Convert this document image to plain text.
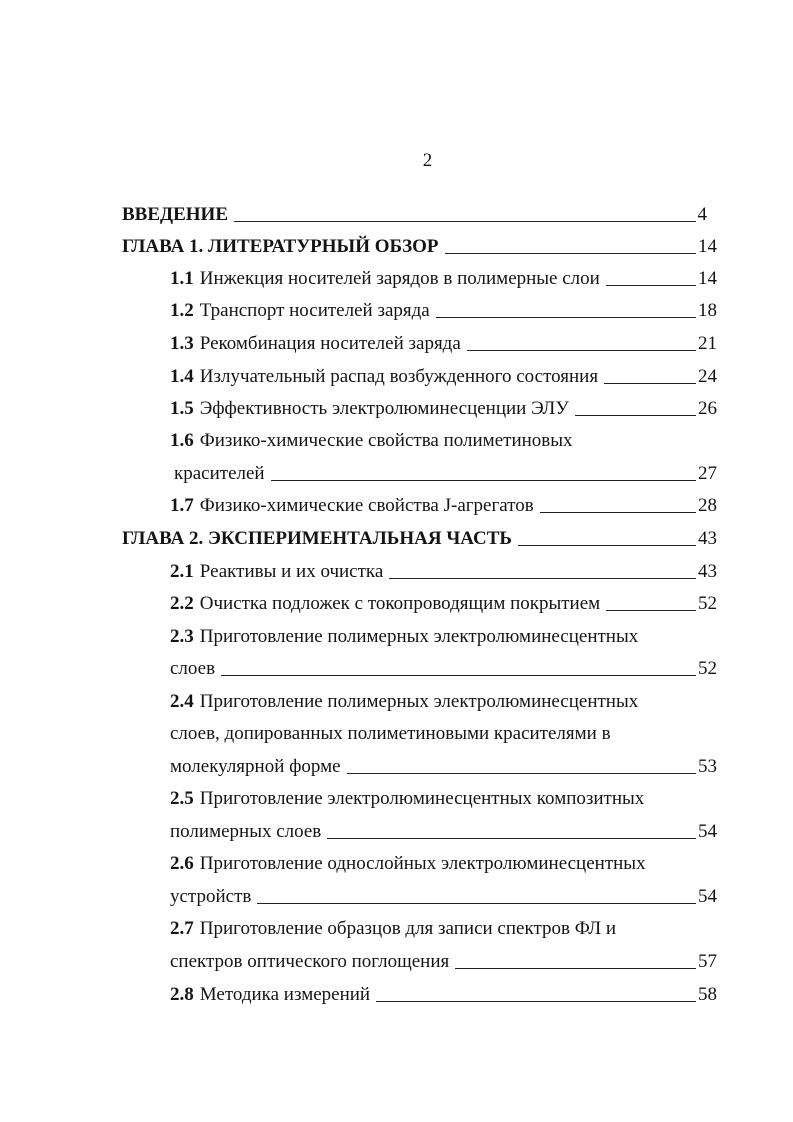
2
ВВЕДЕНИЕ	4
ГЛАВА 1. ЛИТЕРАТУРНЫЙ ОБЗОР	14
1.1 Инжекция носителей зарядов в полимерные слои	14
1.2 Транспорт носителей заряда	18
1.3 Рекомбинация носителей заряда	21
1.4 Излучательный распад возбужденного состояния	24
1.5 Эффективность электролюминесценции ЭЛУ	26
1.6 Физико-химические свойства полиметиновых
красителей	27
1.7 Физико-химические свойства J-агрегатов	28
ГЛАВА 2. ЭКСПЕРИМЕНТАЛЬНАЯ ЧАСТЬ	43
2.1 Реактивы и их очистка	43
2.2 Очистка подложек с токопроводящим покрытием	52
2.3 Приготовление полимерных электролюминесцентных
слоев	52
2.4 Приготовление полимерных электролюминесцентных
слоев, допированных полиметиновыми красителями в
молекулярной форме	53
2.5 Приготовление электролюминесцентных композитных
полимерных слоев	54
2.6 Приготовление однослойных электролюминесцентных
устройств	54
2.7 Приготовление образцов для записи спектров ФЛ и
спектров оптического поглощения	57
2.8 Методика измерений	58
